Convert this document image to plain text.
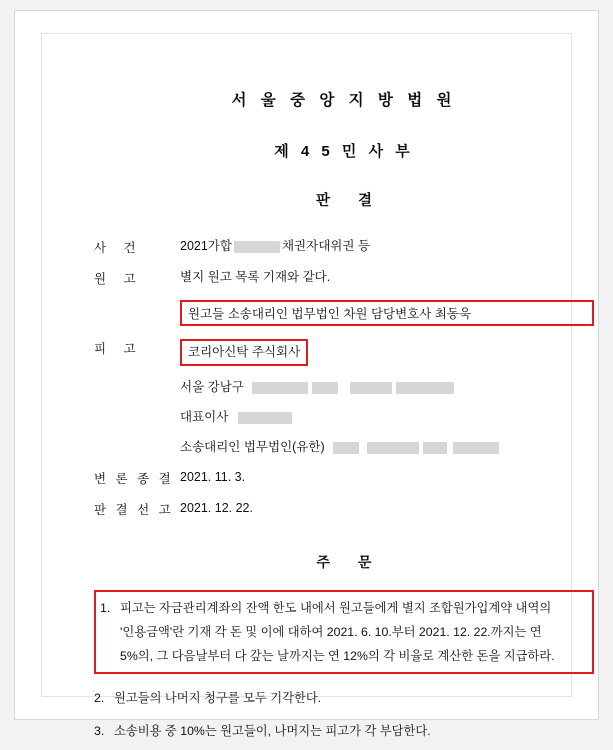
서 울 중 앙 지 방 법 원
제 4 5 민 사 부
판 결
사 건	2021가합	채권자대위권 등
원 고	별지 원고 목록 기재와 같다.
원고들 소송대리인 법무법인 차원 담당변호사 최동욱
피 고	코리아신탁 주식회사
서울 강남구
대표이사
소송대리인 법무법인(유한)
변 론 종 결 2021. 11. 3.
판 결 선 고 2021. 12. 22.
주 문
1. 피고는 자금관리계좌의 잔액 한도 내에서 원고들에게 별지 조합원가입계약 내역의
'인용금액'란 기재 각 돈 및 이에 대하여 2021. 6. 10.부터 2021. 12. 22.까지는 연
5%의, 그 다음날부터 다 갚는 날까지는 연 12%의 각 비율로 계산한 돈을 지급하라.
2. 원고들의 나머지 청구를 모두 기각한다.
3. 소송비용 중 10%는 원고들이, 나머지는 피고가 각 부담한다.
